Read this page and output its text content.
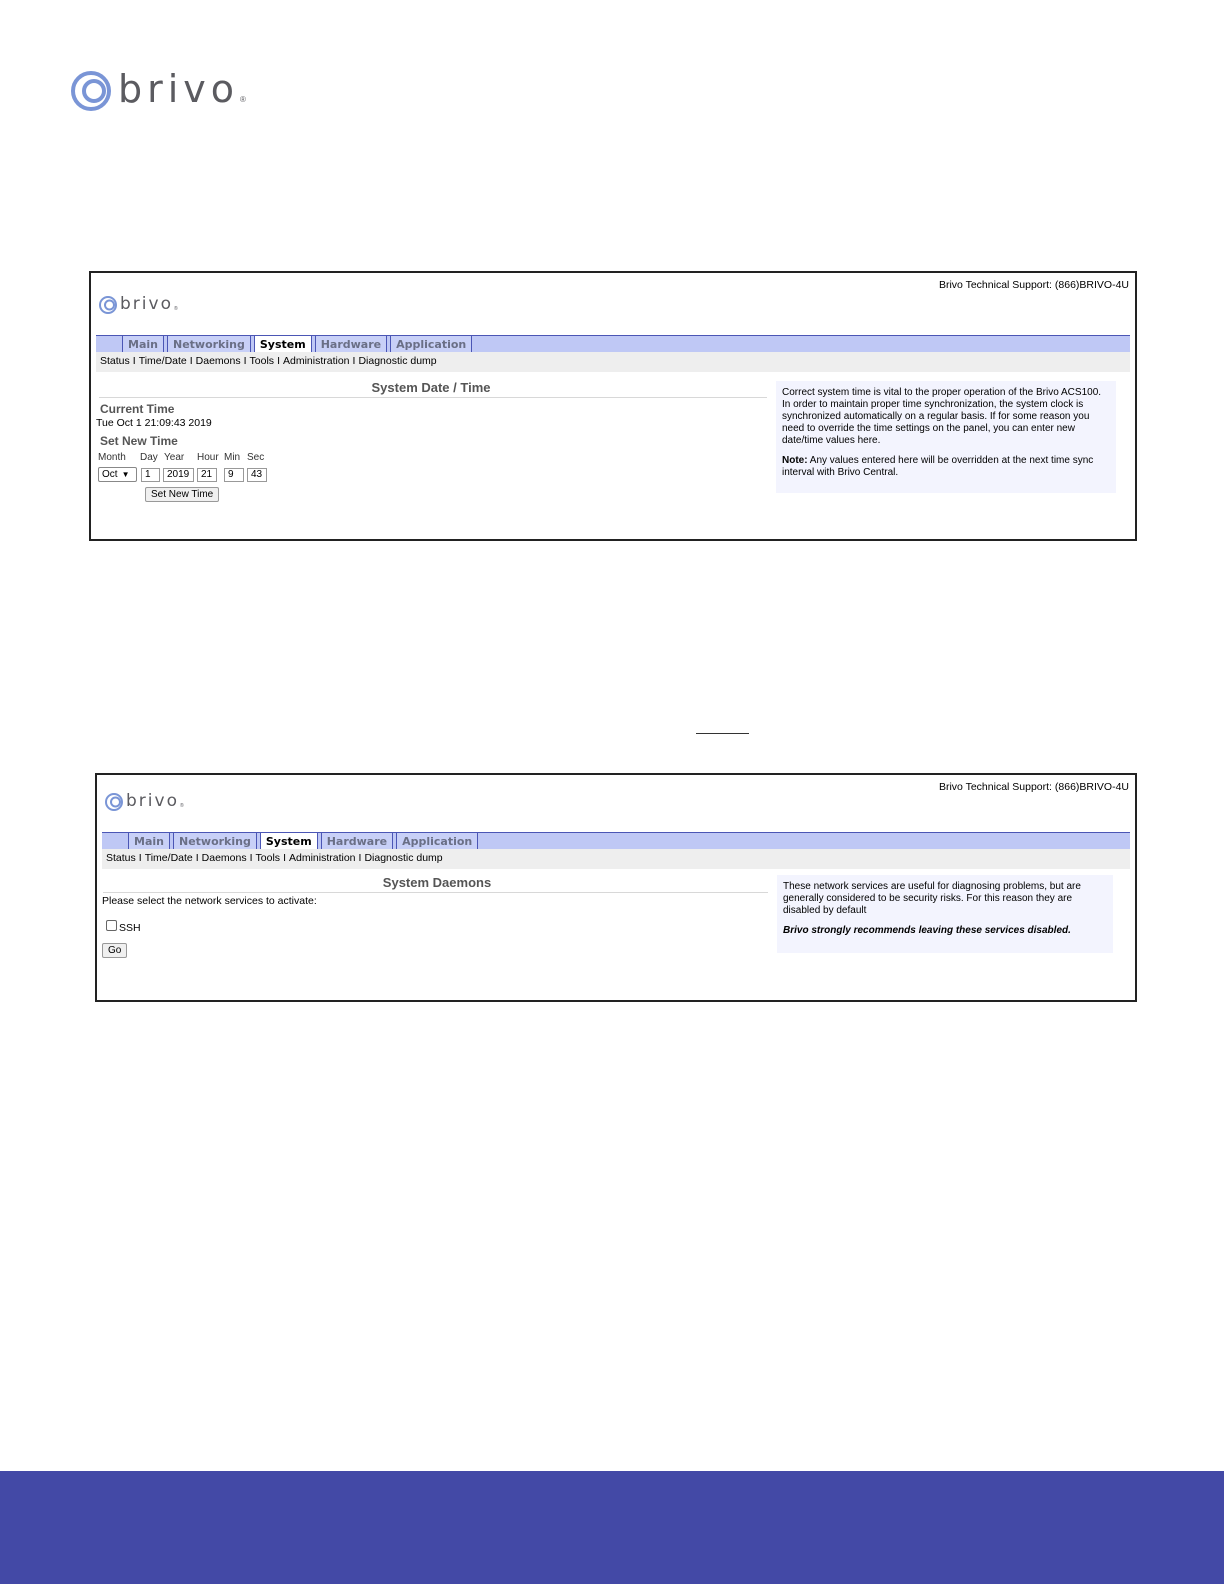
brivo ®
Brivo Technical Support: (866)BRIVO-4U
brivo ®
Main	Networking	System	Hardware	Application
Status I Time/Date I Daemons I Tools I Administration I Diagnostic dump
System Date / Time
Current Time
Tue Oct 1 21:09:43 2019
Set New Time
Month Day Year Hour Min Sec
Oct ▼	1	2019	21	9	43
Set New Time

Correct system time is vital to the proper operation of the Brivo ACS100. In order to maintain proper time synchronization, the system clock is synchronized automatically on a regular basis. If for some reason you need to override the time settings on the panel, you can enter new date/time values here.

Note: Any values entered here will be overridden at the next time sync interval with Brivo Central.

Brivo Technical Support: (866)BRIVO-4U
brivo ®
Main	Networking	System	Hardware	Application
Status I Time/Date I Daemons I Tools I Administration I Diagnostic dump
System Daemons
Please select the network services to activate:
SSH
Go

These network services are useful for diagnosing problems, but are generally considered to be security risks. For this reason they are disabled by default

Brivo strongly recommends leaving these services disabled.
